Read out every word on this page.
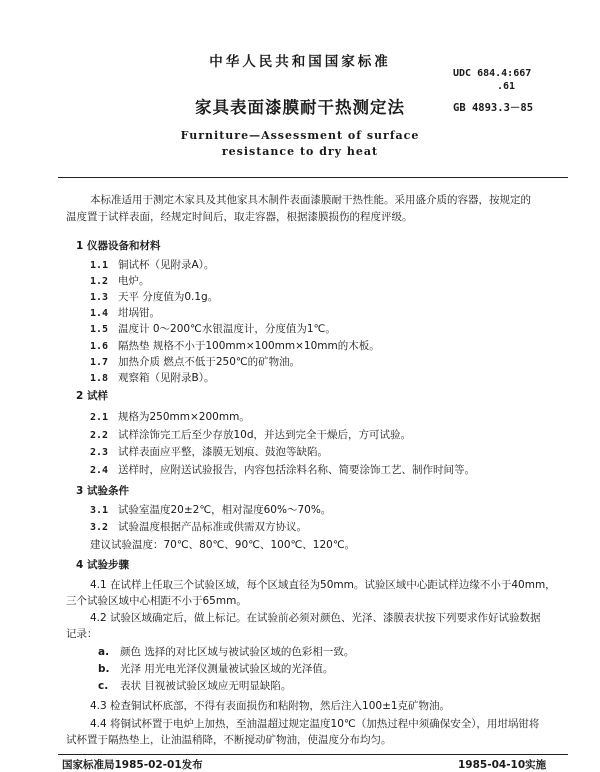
中华人民共和国国家标准
UDC 684.4:667
.61
家具表面漆膜耐干热测定法	GB 4893.3－85
Furniture—Assessment of surface
resistance to dry heat
本标准适用于测定木家具及其他家具木制件表面漆膜耐干热性能。采用盛介质的容器，按规定的
温度置于试样表面，经规定时间后，取走容器，根据漆膜损伤的程度评级。
1 仪器设备和材料
1.1 铜试杯（见附录A）。
1.2 电炉。
1.3 天平 分度值为0.1g。
1.4 坩埚钳。
1.5 温度计 0～200℃水银温度计，分度值为1℃。
1.6 隔热垫 规格不小于100mm×100mm×10mm的木板。
1.7 加热介质 燃点不低于250℃的矿物油。
1.8 观察箱（见附录B）。
2 试样
2.1 规格为250mm×200mm。
2.2 试样涂饰完工后至少存放10d，并达到完全干燥后，方可试验。
2.3 试样表面应平整，漆膜无划痕、鼓泡等缺陷。
2.4 送样时，应附送试验报告，内容包括涂料名称、简要涂饰工艺、制作时间等。
3 试验条件
3.1 试验室温度20±2℃，相对湿度60%～70%。
3.2 试验温度根据产品标准或供需双方协议。
建议试验温度：70℃、80℃、90℃、100℃、120℃。
4 试验步骤
4.1 在试样上任取三个试验区域，每个区域直径为50mm。试验区域中心距试样边缘不小于40mm，
三个试验区域中心相距不小于65mm。
4.2 试验区域确定后，做上标记。在试验前必须对颜色、光泽、漆膜表状按下列要求作好试验数据
记录：
a. 颜色 选择的对比区域与被试验区域的色彩相一致。
b. 光泽 用光电光泽仪测量被试验区域的光泽值。
c. 表状 目视被试验区域应无明显缺陷。
4.3 检查铜试杯底部，不得有表面损伤和粘附物，然后注入100±1克矿物油。
4.4 将铜试杯置于电炉上加热，至油温超过规定温度10℃（加热过程中须确保安全），用坩埚钳将
试杯置于隔热垫上，让油温稍降，不断搅动矿物油，使温度分布均匀。
国家标准局1985-02-01发布	1985-04-10实施
